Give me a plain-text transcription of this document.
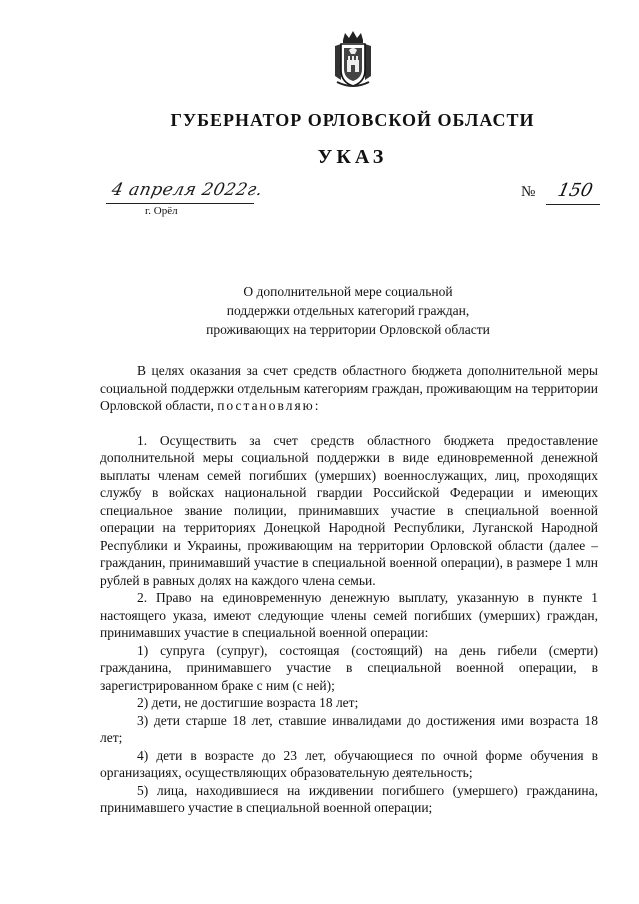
ГУБЕРНАТОР ОРЛОВСКОЙ ОБЛАСТИ
УКАЗ
4 апреля 2022г.
г. Орёл
№ 150
О дополнительной мере социальной
поддержки отдельных категорий граждан,
проживающих на территории Орловской области

В целях оказания за счет средств областного бюджета дополнительной меры социальной поддержки отдельным категориям граждан, проживающим на территории Орловской области, постановляю:

1. Осуществить за счет средств областного бюджета предоставление дополнительной меры социальной поддержки в виде единовременной денежной выплаты членам семей погибших (умерших) военнослужащих, лиц, проходящих службу в войсках национальной гвардии Российской Федерации и имеющих специальное звание полиции, принимавших участие в специальной военной операции на территориях Донецкой Народной Республики, Луганской Народной Республики и Украины, проживающим на территории Орловской области (далее – гражданин, принимавший участие в специальной военной операции), в размере 1 млн рублей в равных долях на каждого члена семьи.

2. Право на единовременную денежную выплату, указанную в пункте 1 настоящего указа, имеют следующие члены семей погибших (умерших) граждан, принимавших участие в специальной военной операции:

1) супруга (супруг), состоящая (состоящий) на день гибели (смерти) гражданина, принимавшего участие в специальной военной операции, в зарегистрированном браке с ним (с ней);

2) дети, не достигшие возраста 18 лет;

3) дети старше 18 лет, ставшие инвалидами до достижения ими возраста 18 лет;

4) дети в возрасте до 23 лет, обучающиеся по очной форме обучения в организациях, осуществляющих образовательную деятельность;

5) лица, находившиеся на иждивении погибшего (умершего) гражданина, принимавшего участие в специальной военной операции;
